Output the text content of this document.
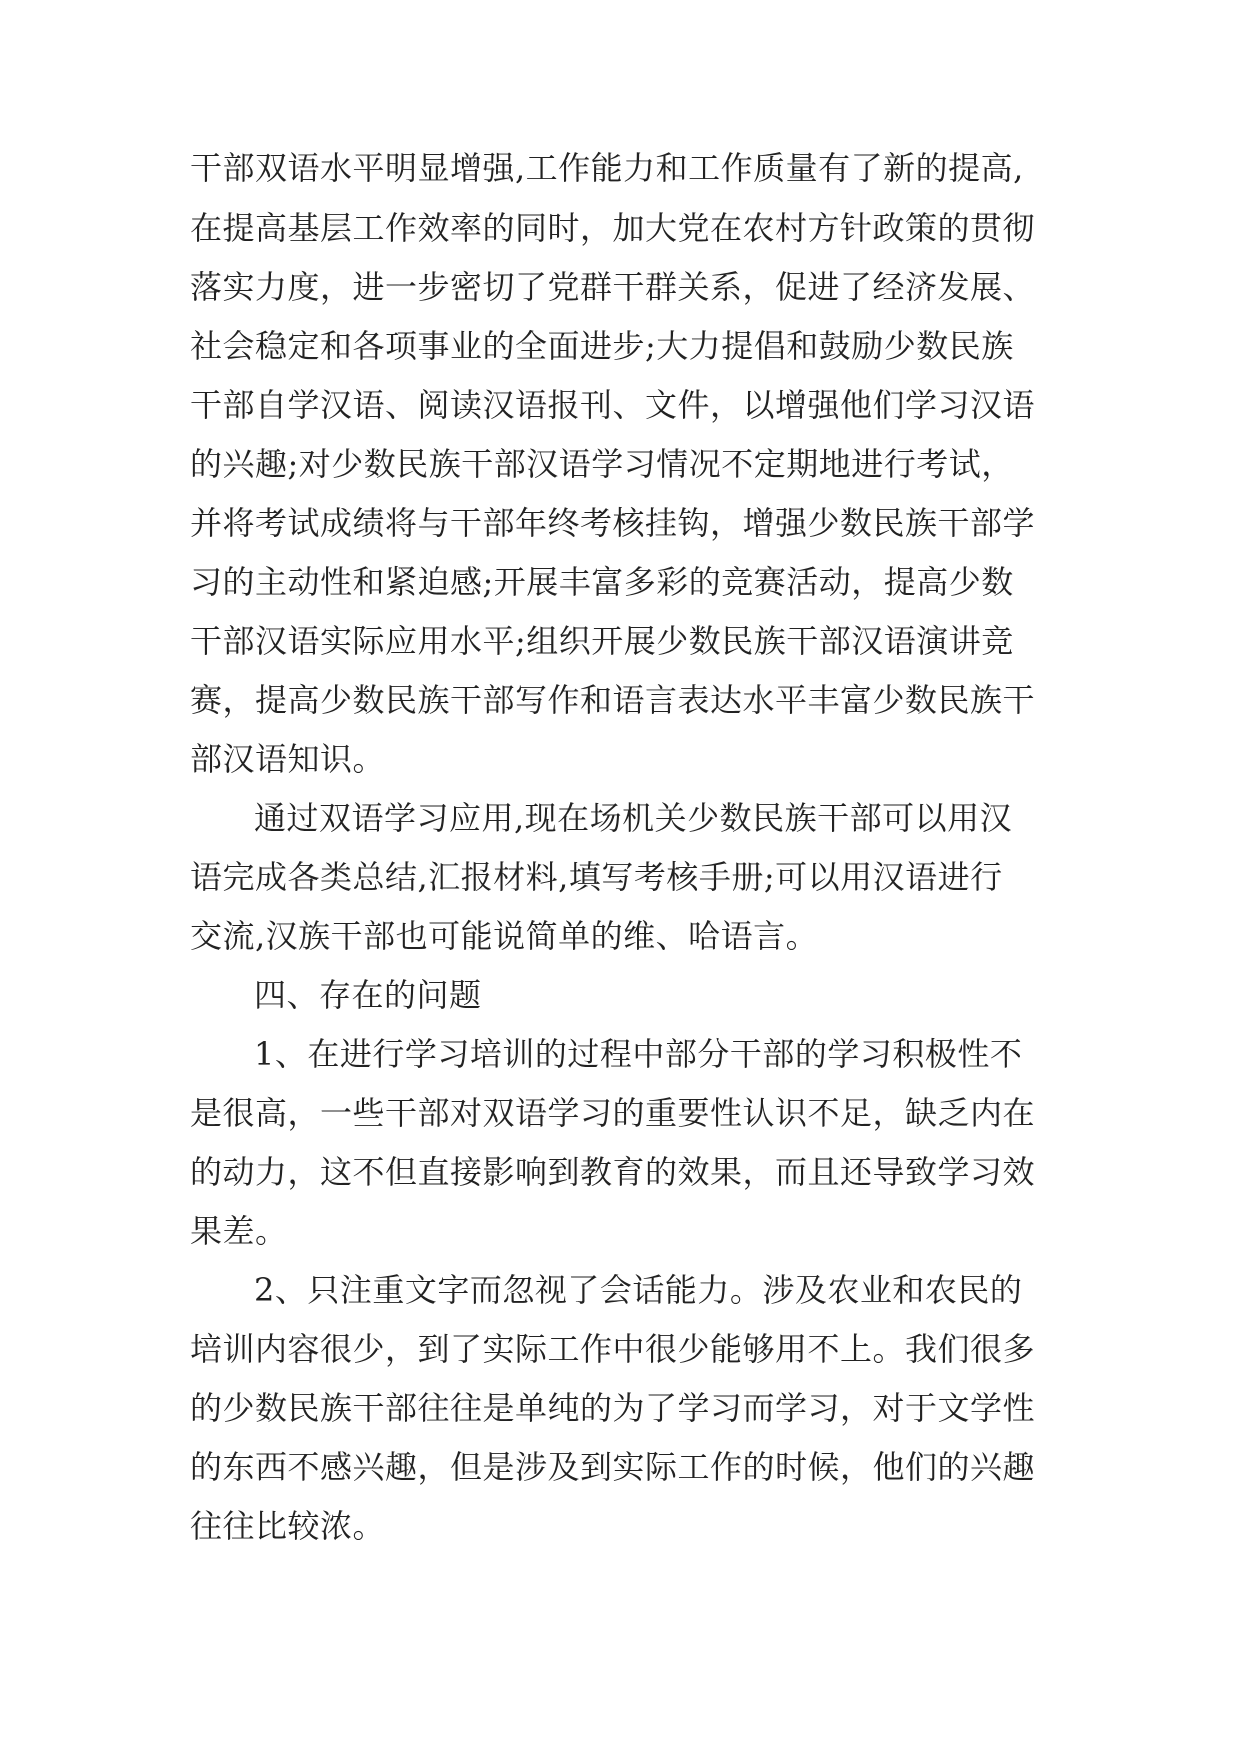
干部双语水平明显增强,工作能力和工作质量有了新的提高,
在提高基层工作效率的同时，加大党在农村方针政策的贯彻
落实力度，进一步密切了党群干群关系，促进了经济发展、
社会稳定和各项事业的全面进步;大力提倡和鼓励少数民族
干部自学汉语、阅读汉语报刊、文件，以增强他们学习汉语
的兴趣;对少数民族干部汉语学习情况不定期地进行考试，
并将考试成绩将与干部年终考核挂钩，增强少数民族干部学
习的主动性和紧迫感;开展丰富多彩的竞赛活动，提高少数
干部汉语实际应用水平;组织开展少数民族干部汉语演讲竞
赛，提高少数民族干部写作和语言表达水平丰富少数民族干
部汉语知识。
通过双语学习应用,现在场机关少数民族干部可以用汉
语完成各类总结,汇报材料,填写考核手册;可以用汉语进行
交流,汉族干部也可能说简单的维、哈语言。
四、存在的问题
1、在进行学习培训的过程中部分干部的学习积极性不
是很高，一些干部对双语学习的重要性认识不足，缺乏内在
的动力，这不但直接影响到教育的效果，而且还导致学习效
果差。
2、只注重文字而忽视了会话能力。涉及农业和农民的
培训内容很少，到了实际工作中很少能够用不上。我们很多
的少数民族干部往往是单纯的为了学习而学习，对于文学性
的东西不感兴趣，但是涉及到实际工作的时候，他们的兴趣
往往比较浓。
